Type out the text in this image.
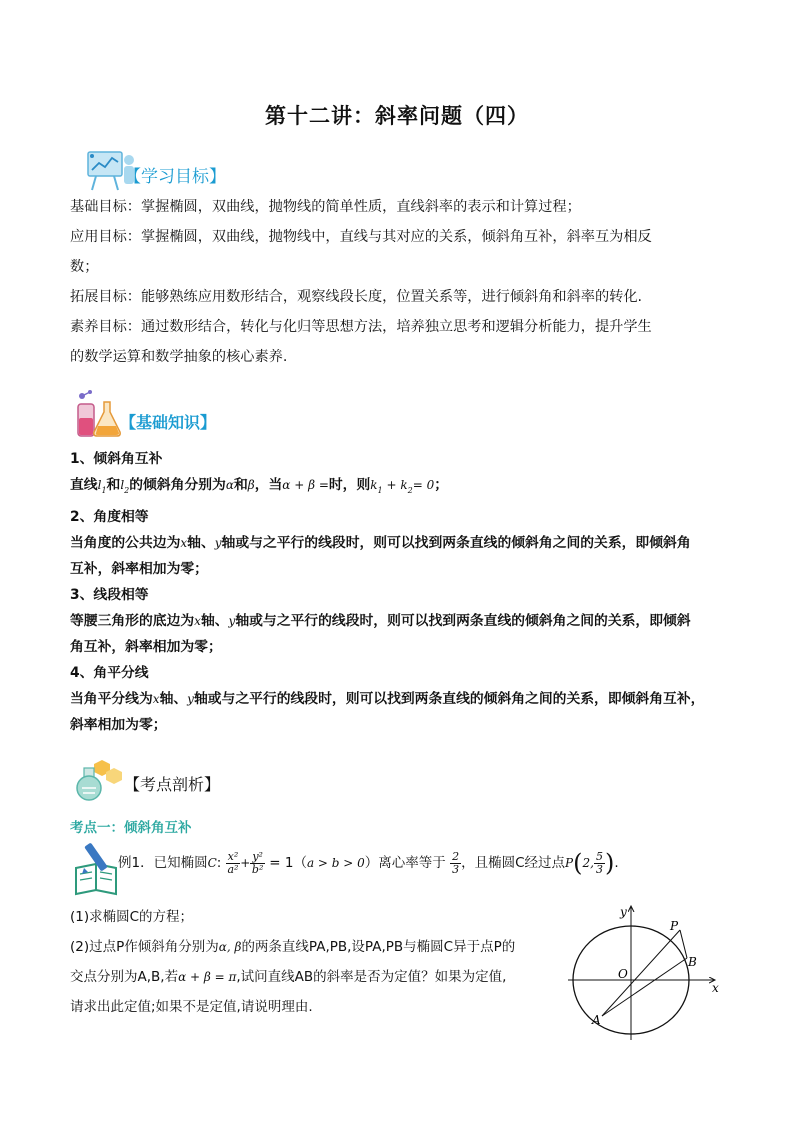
第十二讲：斜率问题（四）
【学习目标】
基础目标：掌握椭圆，双曲线，抛物线的简单性质，直线斜率的表示和计算过程；
应用目标：掌握椭圆，双曲线，抛物线中，直线与其对应的关系，倾斜角互补，斜率互为相反
数；
拓展目标：能够熟练应用数形结合，观察线段长度，位置关系等，进行倾斜角和斜率的转化.
素养目标：通过数形结合，转化与化归等思想方法，培养独立思考和逻辑分析能力，提升学生
的数学运算和数学抽象的核心素养.
【基础知识】
1、倾斜角互补
直线$l_1$和$l_2$的倾斜角分别为α和β，当α + β =时，则$k_1 + k_2= 0$；
2、角度相等
当角度的公共边为x轴、y轴或与之平行的线段时，则可以找到两条直线的倾斜角之间的关系，即倾斜角
互补，斜率相加为零；
3、线段相等
等腰三角形的底边为x轴、y轴或与之平行的线段时，则可以找到两条直线的倾斜角之间的关系，即倾斜
角互补，斜率相加为零；
4、角平分线
当角平分线为x轴、y轴或与之平行的线段时，则可以找到两条直线的倾斜角之间的关系，即倾斜角互补，
斜率相加为零；
【考点剖析】
考点一：倾斜角互补
例1．已知椭圆C: $\frac{\text{x²}}{\text{a²}} + \frac{\text{y²}}{\text{b²}} = 1(a > b > 0)$离心率等于 $\frac{2}{3}$ ，且椭圆C经过点P(2, $\frac{5}{3}$ ).
(1)求椭圆C的方程；
(2)过点P作倾斜角分别为α, β的两条直线PA,PB,设PA,PB与椭圆C异于点P的
交点分别为A,B,若α + β = π,试问直线AB的斜率是否为定值？如果为定值,
请求出此定值;如果不是定值,请说明理由.
y
x
O
P
B
A
